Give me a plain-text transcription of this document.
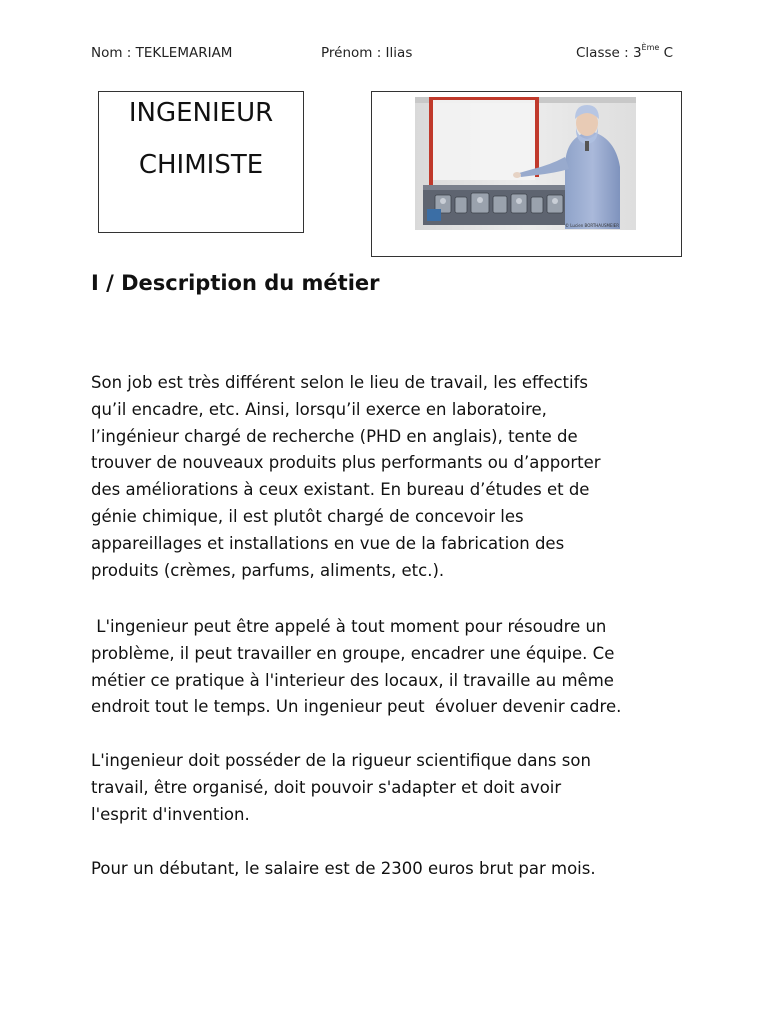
Nom : TEKLEMARIAM	Prénom : Ilias	Classe : 3Ème C
INGENIEUR
CHIMISTE
© Lucien BORTHAUSMEIER
I / Description du métier
Son job est très différent selon le lieu de travail, les effectifs
qu’il encadre, etc. Ainsi, lorsqu’il exerce en laboratoire,
l’ingénieur chargé de recherche (PHD en anglais), tente de
trouver de nouveaux produits plus performants ou d’apporter
des améliorations à ceux existant. En bureau d’études et de
génie chimique, il est plutôt chargé de concevoir les
appareillages et installations en vue de la fabrication des
produits (crèmes, parfums, aliments, etc.).
L'ingenieur peut être appelé à tout moment pour résoudre un
problème, il peut travailler en groupe, encadrer une équipe. Ce
métier ce pratique à l'interieur des locaux, il travaille au même
endroit tout le temps. Un ingenieur peut  évoluer devenir cadre.
L'ingenieur doit posséder de la rigueur scientifique dans son
travail, être organisé, doit pouvoir s'adapter et doit avoir
l'esprit d'invention.
Pour un débutant, le salaire est de 2300 euros brut par mois.
